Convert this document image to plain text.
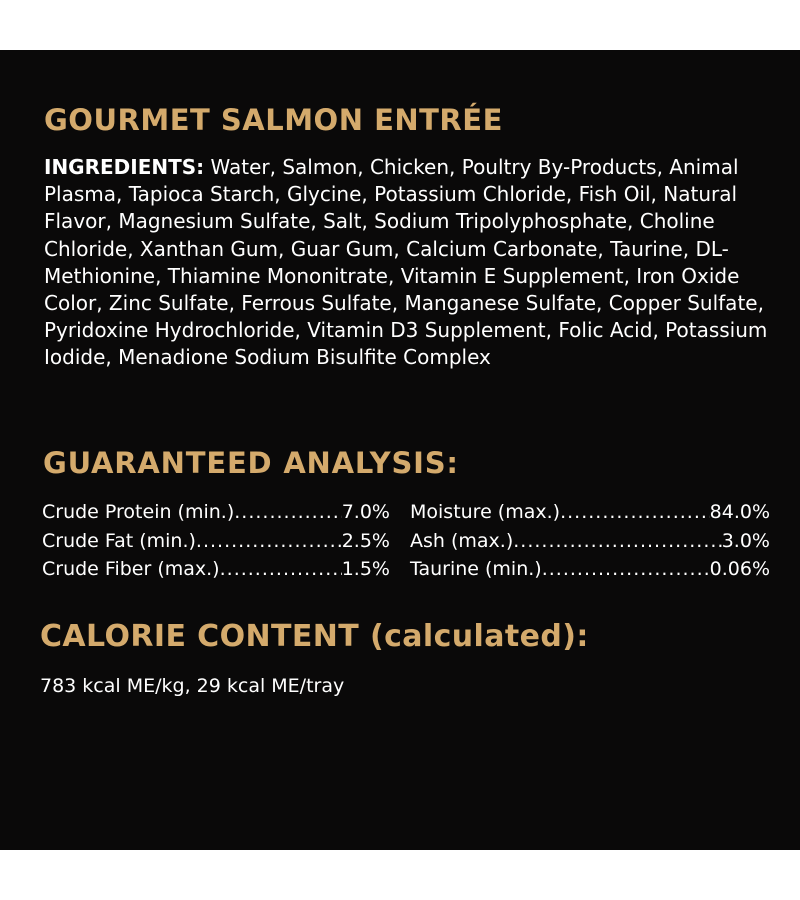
GOURMET SALMON ENTRÉE
INGREDIENTS: Water, Salmon, Chicken, Poultry By-Products, Animal Plasma, Tapioca Starch, Glycine, Potassium Chloride, Fish Oil, Natural Flavor, Magnesium Sulfate, Salt, Sodium Tripolyphosphate, Choline Chloride, Xanthan Gum, Guar Gum, Calcium Carbonate, Taurine, DL-Methionine, Thiamine Mononitrate, Vitamin E Supplement, Iron Oxide Color, Zinc Sulfate, Ferrous Sulfate, Manganese Sulfate, Copper Sulfate, Pyridoxine Hydrochloride, Vitamin D3 Supplement, Folic Acid, Potassium Iodide, Menadione Sodium Bisulfite Complex
GUARANTEED ANALYSIS:
Crude Protein (min.) .....	7.0% Moisture (max.) .....	84.0%
Crude Fat (min.) .....	2.5% Ash (max.) .....	3.0%
Crude Fiber (max.) .....	1.5% Taurine (min.) .....	0.06%
CALORIE CONTENT (calculated):
783 kcal ME/kg, 29 kcal ME/tray
